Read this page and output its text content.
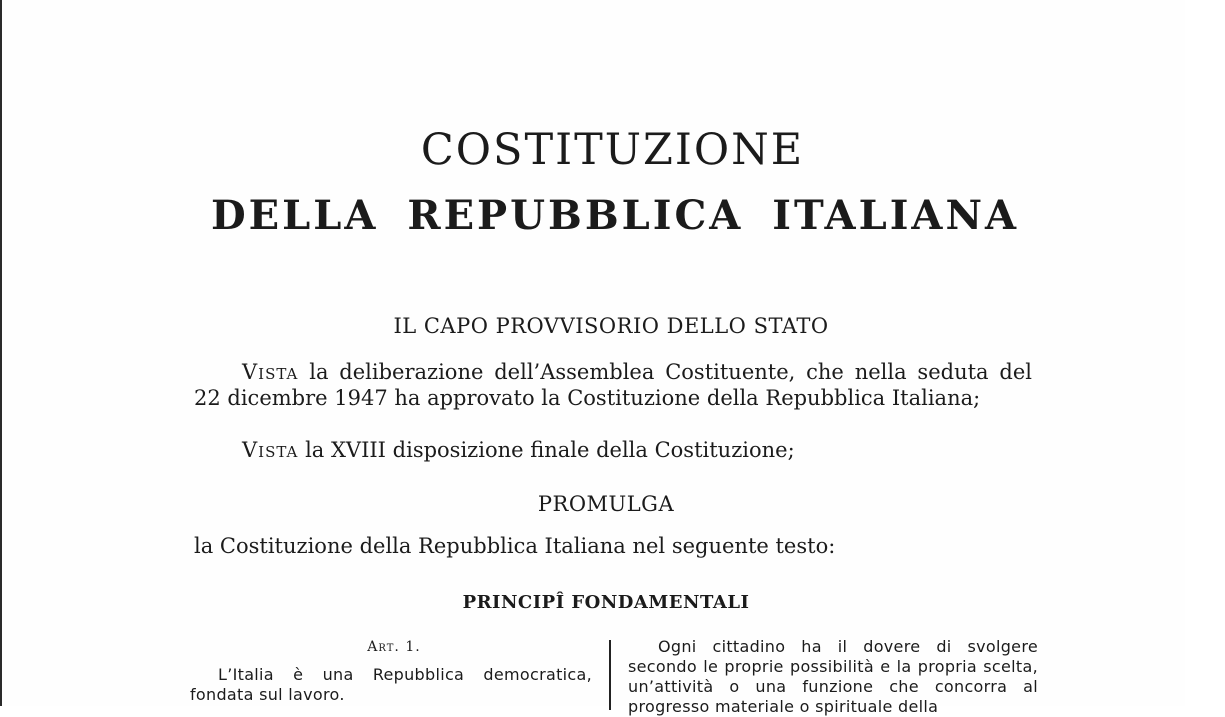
COSTITUZIONE
DELLA REPUBBLICA ITALIANA

IL CAPO PROVVISORIO DELLO STATO

Vista la deliberazione dell’Assemblea Costituente, che nella seduta del 22 dicembre 1947 ha approvato la Costituzione della Repubblica Italiana;

Vista la XVIII disposizione finale della Costituzione;

PROMULGA

la Costituzione della Repubblica Italiana nel seguente testo:

PRINCIPÎ FONDAMENTALI

Art. 1.

L’Italia è una Repubblica democratica, fondata sul lavoro.

Ogni cittadino ha il dovere di svolgere secondo le proprie possibilità e la propria scelta, un’attività o una funzione che concorra al progresso materiale o spirituale della
